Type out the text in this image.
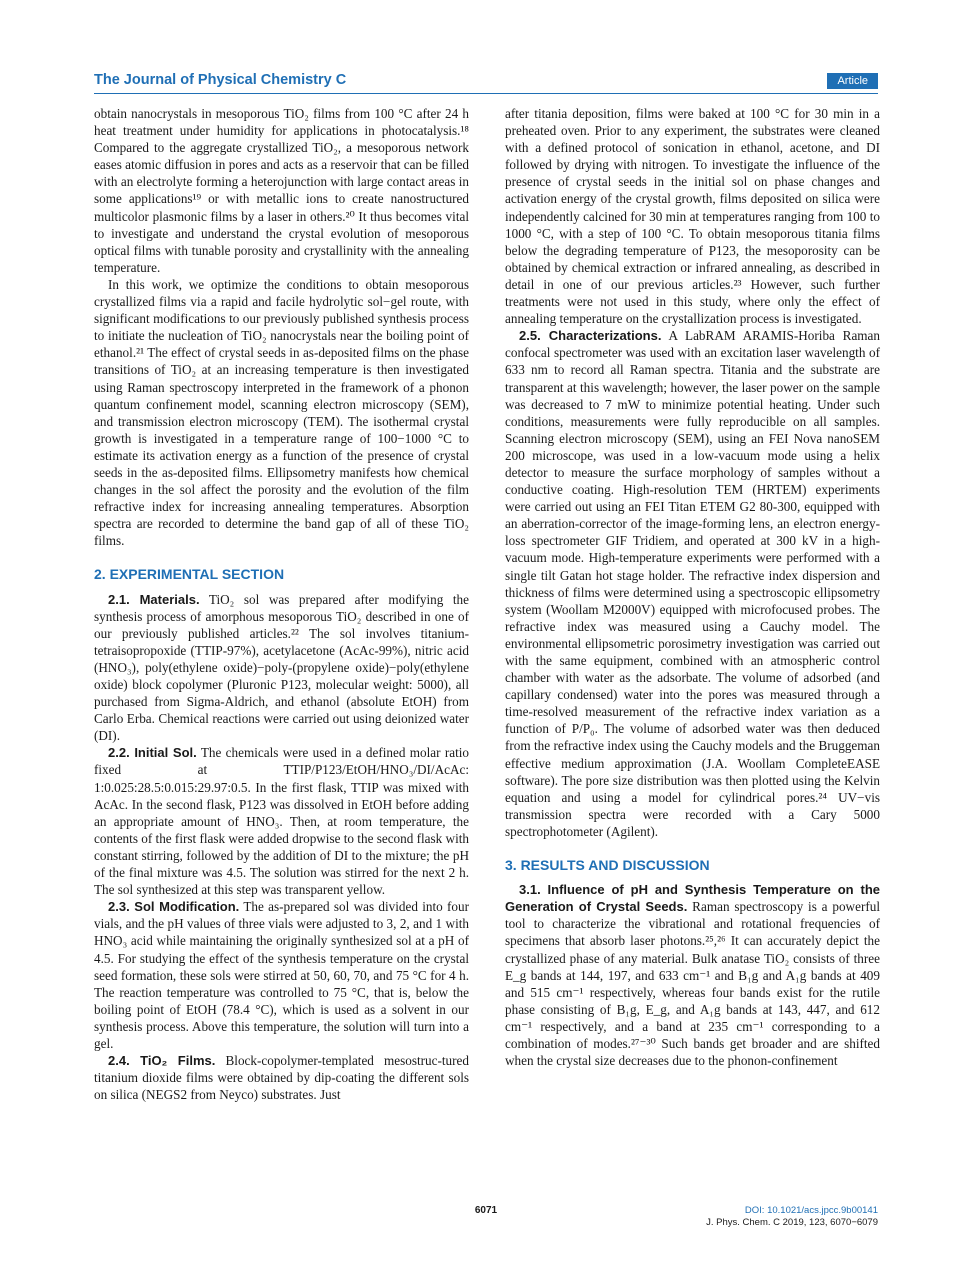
The Journal of Physical Chemistry C	Article

obtain nanocrystals in mesoporous TiO₂ films from 100 °C after 24 h heat treatment under humidity for applications in photocatalysis.¹⁸ Compared to the aggregate crystallized TiO₂, a mesoporous network eases atomic diffusion in pores and acts as a reservoir that can be filled with an electrolyte forming a heterojunction with large contact areas in some applications¹⁹ or with metallic ions to create nanostructured multicolor plasmonic films by a laser in others.²⁰ It thus becomes vital to investigate and understand the crystal evolution of mesoporous optical films with tunable porosity and crystallinity with the annealing temperature.

In this work, we optimize the conditions to obtain mesoporous crystallized films via a rapid and facile hydrolytic sol−gel route, with significant modifications to our previously published synthesis process to initiate the nucleation of TiO₂ nanocrystals near the boiling point of ethanol.²¹ The effect of crystal seeds in as-deposited films on the phase transitions of TiO₂ at an increasing temperature is then investigated using Raman spectroscopy interpreted in the framework of a phonon quantum confinement model, scanning electron microscopy (SEM), and transmission electron microscopy (TEM). The isothermal crystal growth is investigated in a temperature range of 100−1000 °C to estimate its activation energy as a function of the presence of crystal seeds in the as-deposited films. Ellipsometry manifests how chemical changes in the sol affect the porosity and the evolution of the film refractive index for increasing annealing temperatures. Absorption spectra are recorded to determine the band gap of all of these TiO₂ films.

2. EXPERIMENTAL SECTION

2.1. Materials. TiO₂ sol was prepared after modifying the synthesis process of amorphous mesoporous TiO₂ described in one of our previously published articles.²² The sol involves titanium-tetraisopropoxide (TTIP-97%), acetylacetone (AcAc-99%), nitric acid (HNO₃), poly(ethylene oxide)−poly-(propylene oxide)−poly(ethylene oxide) block copolymer (Pluronic P123, molecular weight: 5000), all purchased from Sigma-Aldrich, and ethanol (absolute EtOH) from Carlo Erba. Chemical reactions were carried out using deionized water (DI).

2.2. Initial Sol. The chemicals were used in a defined molar ratio fixed at TTIP/P123/EtOH/HNO₃/DI/AcAc: 1:0.025:28.5:0.015:29.97:0.5. In the first flask, TTIP was mixed with AcAc. In the second flask, P123 was dissolved in EtOH before adding an appropriate amount of HNO₃. Then, at room temperature, the contents of the first flask were added dropwise to the second flask with constant stirring, followed by the addition of DI to the mixture; the pH of the final mixture was 4.5. The solution was stirred for the next 2 h. The sol synthesized at this step was transparent yellow.

2.3. Sol Modification. The as-prepared sol was divided into four vials, and the pH values of three vials were adjusted to 3, 2, and 1 with HNO₃ acid while maintaining the originally synthesized sol at a pH of 4.5. For studying the effect of the synthesis temperature on the crystal seed formation, these sols were stirred at 50, 60, 70, and 75 °C for 4 h. The reaction temperature was controlled to 75 °C, that is, below the boiling point of EtOH (78.4 °C), which is used as a solvent in our synthesis process. Above this temperature, the solution will turn into a gel.

2.4. TiO₂ Films. Block-copolymer-templated mesostruc-tured titanium dioxide films were obtained by dip-coating the different sols on silica (NEGS2 from Neyco) substrates. Just

after titania deposition, films were baked at 100 °C for 30 min in a preheated oven. Prior to any experiment, the substrates were cleaned with a defined protocol of sonication in ethanol, acetone, and DI followed by drying with nitrogen. To investigate the influence of the presence of crystal seeds in the initial sol on phase changes and activation energy of the crystal growth, films deposited on silica were independently calcined for 30 min at temperatures ranging from 100 to 1000 °C, with a step of 100 °C. To obtain mesoporous titania films below the degrading temperature of P123, the mesoporosity can be obtained by chemical extraction or infrared annealing, as described in detail in one of our previous articles.²³ However, such further treatments were not used in this study, where only the effect of annealing temperature on the crystallization process is investigated.

2.5. Characterizations. A LabRAM ARAMIS-Horiba Raman confocal spectrometer was used with an excitation laser wavelength of 633 nm to record all Raman spectra. Titania and the substrate are transparent at this wavelength; however, the laser power on the sample was decreased to 7 mW to minimize potential heating. Under such conditions, measurements were fully reproducible on all samples. Scanning electron microscopy (SEM), using an FEI Nova nanoSEM 200 microscope, was used in a low-vacuum mode using a helix detector to measure the surface morphology of samples without a conductive coating. High-resolution TEM (HRTEM) experiments were carried out using an FEI Titan ETEM G2 80-300, equipped with an aberration-corrector of the image-forming lens, an electron energy-loss spectrometer GIF Tridiem, and operated at 300 kV in a high-vacuum mode. High-temperature experiments were performed with a single tilt Gatan hot stage holder. The refractive index dispersion and thickness of films were determined using a spectroscopic ellipsometry system (Woollam M2000V) equipped with microfocused probes. The refractive index was measured using a Cauchy model. The environmental ellipsometric porosimetry investigation was carried out with the same equipment, combined with an atmospheric control chamber with water as the adsorbate. The volume of adsorbed (and capillary condensed) water into the pores was measured through a time-resolved measurement of the refractive index variation as a function of P/P₀. The volume of adsorbed water was then deduced from the refractive index using the Cauchy models and the Bruggeman effective medium approximation (J.A. Woollam CompleteEASE software). The pore size distribution was then plotted using the Kelvin equation and using a model for cylindrical pores.²⁴ UV−vis transmission spectra were recorded with a Cary 5000 spectrophotometer (Agilent).

3. RESULTS AND DISCUSSION

3.1. Influence of pH and Synthesis Temperature on the Generation of Crystal Seeds. Raman spectroscopy is a powerful tool to characterize the vibrational and rotational frequencies of specimens that absorb laser photons.²⁵,²⁶ It can accurately depict the crystallized phase of any material. Bulk anatase TiO₂ consists of three E_g bands at 144, 197, and 633 cm⁻¹ and B₁g and A₁g bands at 409 and 515 cm⁻¹ respectively, whereas four bands exist for the rutile phase consisting of B₁g, E_g, and A₁g bands at 143, 447, and 612 cm⁻¹ respectively, and a band at 235 cm⁻¹ corresponding to a combination of modes.²⁷⁻³⁰ Such bands get broader and are shifted when the crystal size decreases due to the phonon-confinement

6071	DOI: 10.1021/acs.jpcc.9b00141
J. Phys. Chem. C 2019, 123, 6070−6079
